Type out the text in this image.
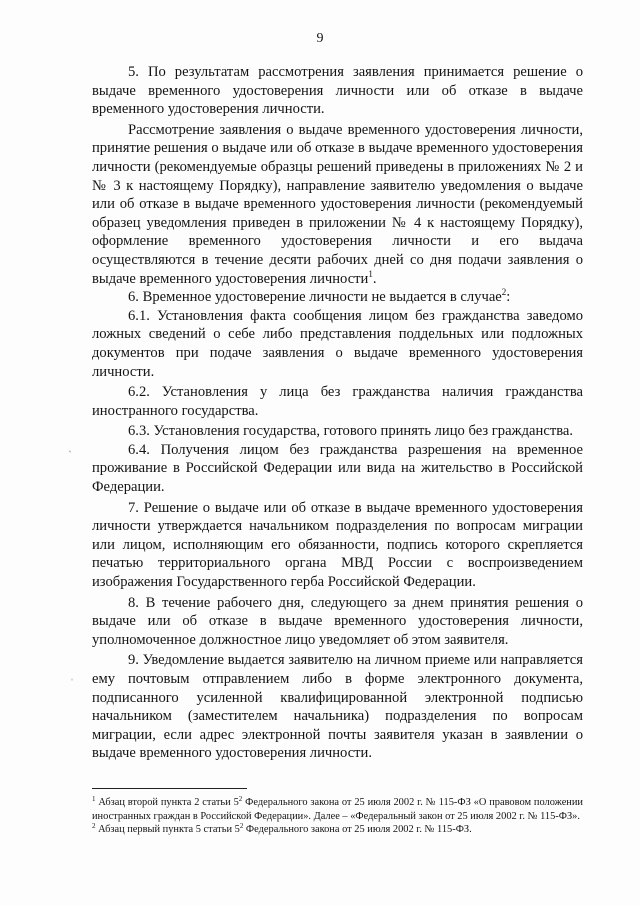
9
ˎ
ˌ

5. По результатам рассмотрения заявления принимается решение о выдаче временного удостоверения личности или об отказе в выдаче временного удостоверения личности.

Рассмотрение заявления о выдаче временного удостоверения личности, принятие решения о выдаче или об отказе в выдаче временного удостоверения личности (рекомендуемые образцы решений приведены в приложениях № 2 и № 3 к настоящему Порядку), направление заявителю уведомления о выдаче или об отказе в выдаче временного удостоверения личности (рекомендуемый образец уведомления приведен в приложении № 4 к настоящему Порядку), оформление временного удостоверения личности и его выдача осуществляются в течение десяти рабочих дней со дня подачи заявления о выдаче временного удостоверения личности$^1$.

6. Временное удостоверение личности не выдается в случае$^2$:

6.1. Установления факта сообщения лицом без гражданства заведомо ложных сведений о себе либо представления поддельных или подложных документов при подаче заявления о выдаче временного удостоверения личности.

6.2. Установления у лица без гражданства наличия гражданства иностранного государства.

6.3. Установления государства, готового принять лицо без гражданства.

6.4. Получения лицом без гражданства разрешения на временное проживание в Российской Федерации или вида на жительство в Российской Федерации.

7. Решение о выдаче или об отказе в выдаче временного удостоверения личности утверждается начальником подразделения по вопросам миграции или лицом, исполняющим его обязанности, подпись которого скрепляется печатью территориального органа МВД России с воспроизведением изображения Государственного герба Российской Федерации.

8. В течение рабочего дня, следующего за днем принятия решения о выдаче или об отказе в выдаче временного удостоверения личности, уполномоченное должностное лицо уведомляет об этом заявителя.

9. Уведомление выдается заявителю на личном приеме или направляется ему почтовым отправлением либо в форме электронного документа, подписанного усиленной квалифицированной электронной подписью начальником (заместителем начальника) подразделения по вопросам миграции, если адрес электронной почты заявителя указан в заявлении о выдаче временного удостоверения личности.

$^1$ Абзац второй пункта 2 статьи $5^2$ Федерального закона от 25 июля 2002 г. № 115-ФЗ «О правовом положении иностранных граждан в Российской Федерации». Далее – «Федеральный закон от 25 июля 2002 г. № 115-ФЗ».

$^2$ Абзац первый пункта 5 статьи $5^2$ Федерального закона от 25 июля 2002 г. № 115-ФЗ.
